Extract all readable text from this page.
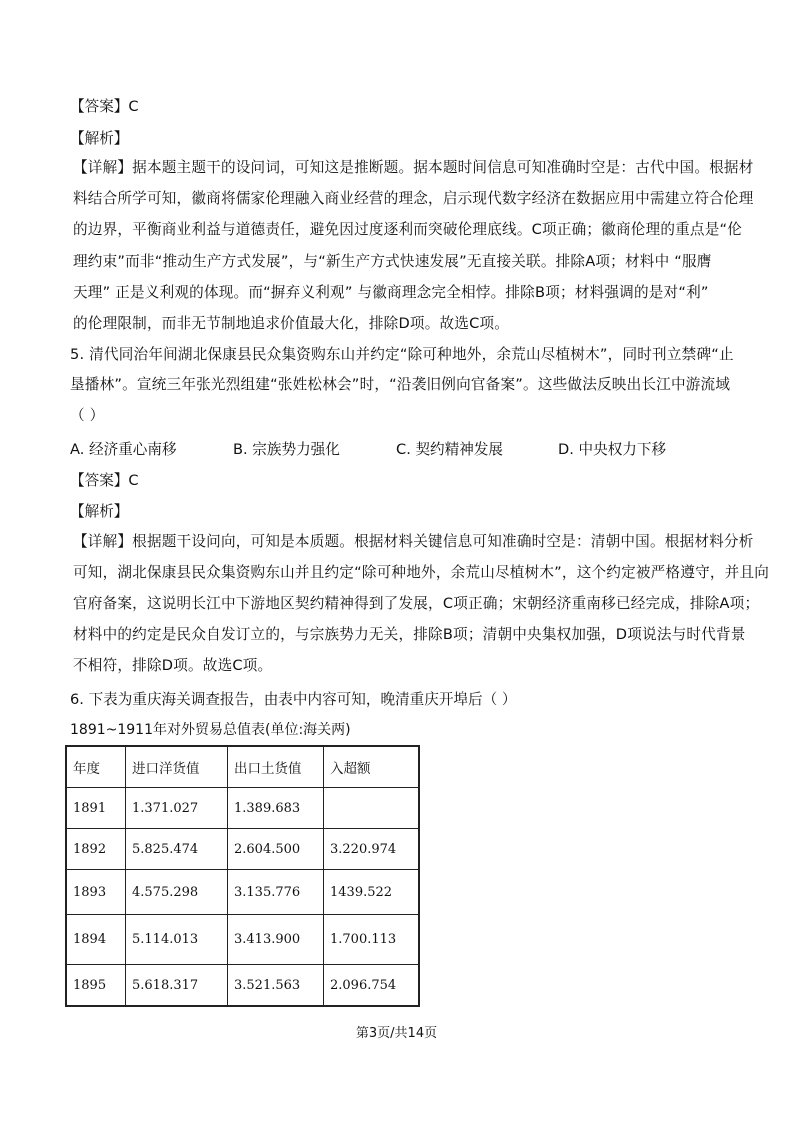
【答案】C
【解析】
【详解】据本题主题干的设问词，可知这是推断题。据本题时间信息可知准确时空是：古代中国。根据材
料结合所学可知，徽商将儒家伦理融入商业经营的理念，启示现代数字经济在数据应用中需建立符合伦理
的边界，平衡商业利益与道德责任，避免因过度逐利而突破伦理底线。C项正确；徽商伦理的重点是“伦
理约束”而非“推动生产方式发展”，与“新生产方式快速发展”无直接关联。排除A项；材料中 “服膺
天理” 正是义利观的体现。而“摒弃义利观” 与徽商理念完全相悖。排除B项；材料强调的是对“利”
的伦理限制，而非无节制地追求价值最大化，排除D项。故选C项。
5. 清代同治年间湖北保康县民众集资购东山并约定“除可种地外，余荒山尽植树木”，同时刊立禁碑“止
垦播林”。宣统三年张光烈组建“张姓松林会”时，“沿袭旧例向官备案”。这些做法反映出长江中游流域
（ ）
A. 经济重心南移	B. 宗族势力强化	C. 契约精神发展	D. 中央权力下移
【答案】C
【解析】
【详解】根据题干设问向，可知是本质题。根据材料关键信息可知准确时空是：清朝中国。根据材料分析
可知，湖北保康县民众集资购东山并且约定“除可种地外，余荒山尽植树木”，这个约定被严格遵守，并且向
官府备案，这说明长江中下游地区契约精神得到了发展，C项正确；宋朝经济重南移已经完成，排除A项；
材料中的约定是民众自发订立的，与宗族势力无关，排除B项；清朝中央集权加强，D项说法与时代背景
不相符，排除D项。故选C项。
6. 下表为重庆海关调查报告，由表中内容可知，晚清重庆开埠后（ ）
1891~1911年对外贸易总值表(单位:海关两)
年度	进口洋货值	出口土货值	入超额
1891	1.371.027	1.389.683	
1892	5.825.474	2.604.500	3.220.974
1893	4.575.298	3.135.776	1439.522
1894	5.114.013	3.413.900	1.700.113
1895	5.618.317	3.521.563	2.096.754
第3页/共14页
